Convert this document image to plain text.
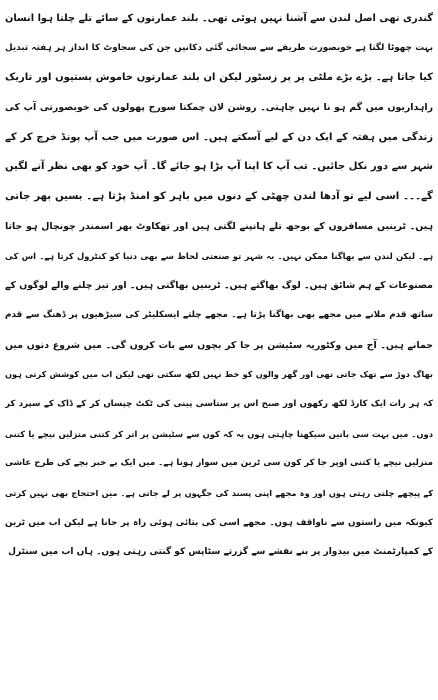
گندری تھی اصل لندن سے آشنا نہیں ہوئی تھی۔ بلند عمارتوں کے سائے تلے چلتا ہوا انسان

بہت چھوٹا لگتا ہے خوبصورت طریقے سے سجائی گئی دکانیں جن کی سجاوٹ کا انداز ہر ہفتہ تبدیل

کیا جاتا ہے۔ بڑے بڑے ملٹی پر پر زسٹور لیکن ان بلند عمارتوں خاموش بستیوں اور تاریک

راہداریوں میں گم ہو نا نہیں چاہتی۔ روشن لان چمکتا سورج پھولوں کی خوبصورتی آپ کی

زندگی میں ہفتہ کے ایک دن کے لیے آسکتے ہیں۔ اس صورت میں جب آپ پونڈ خرچ کر کے

شہر سے دور نکل جائیں۔ تب آپ کا اپنا آپ بڑا ہو جائے گا۔ آپ خود کو بھی نظر آنے لگیں

گے۔۔۔ اسی لیے تو آدھا لندن چھٹی کے دنوں میں باہر کو امنڈ پڑتا ہے۔ بسیں بھر جاتی

ہیں۔ ٹرینیں مسافروں کے بوجھ تلے ہانپنے لگتی ہیں اور تھکاوٹ بھر اسمندر چونچال ہو جاتا

ہے۔ لیکن لندن سے بھاگنا ممکن نہیں۔ یہ شہر تو صنعتی لحاظ سے بھی دنیا کو کنٹرول کرتا ہے۔ اس کی

مصنوعات کے ہم شائق ہیں۔ لوگ بھاگتے ہیں۔ ٹرینیں بھاگتی ہیں۔ اور تیز چلنے والے لوگوں کے

ساتھ قدم ملانے میں مجھے بھی بھاگنا پڑتا ہے۔ مجھے چلتے ایسکلیٹر کی سیڑھیوں پر ڈھنگ سے قدم

جمانے ہیں۔ آج میں وکٹوریہ سٹیشن پر جا کر بچوں سے بات کروں گی۔ میں شروع دنوں میں

بھاگ دوڑ سے تھک جاتی تھی اور گھر والوں کو خط نہیں لکھ سکتی تھی لیکن اب میں کوشش کرتی ہوں

کہ ہر رات ایک کارڈ لکھ رکھوں اور صبح اس پر ستاسی پینی کی ٹکٹ چپساں کر کے ڈاک کے سپرد کر

دوں۔ میں بہت سی باتیں سیکھنا چاہتی ہوں یہ کہ کون سے سٹیشن پر اتر کر کتنی منزلیں نیچے یا کتنی

منزلیں نیچے یا کتنی اوپر جا کر کون سی ٹرین میں سوار ہونا ہے۔ میں ایک بے خبر بچے کی طرح عاشی

کے پیچھے چلتی رہتی ہوں اور وہ مجھے اپنی پسند کی جگہوں پر لے جاتی ہے۔ میں احتجاج بھی نہیں کرتی

کیونکہ میں راستوں سے ناواقف ہوں۔ مجھے اسی کی بتائی ہوئی راہ پر جانا ہے لیکن اب میں ٹرین

کے کمپارٹمنٹ میں بیدوار پر بنے نقشے سے گزرتے سٹاپس کو گنتی رہتی ہوں۔ ہاں اب میں سنٹرل
